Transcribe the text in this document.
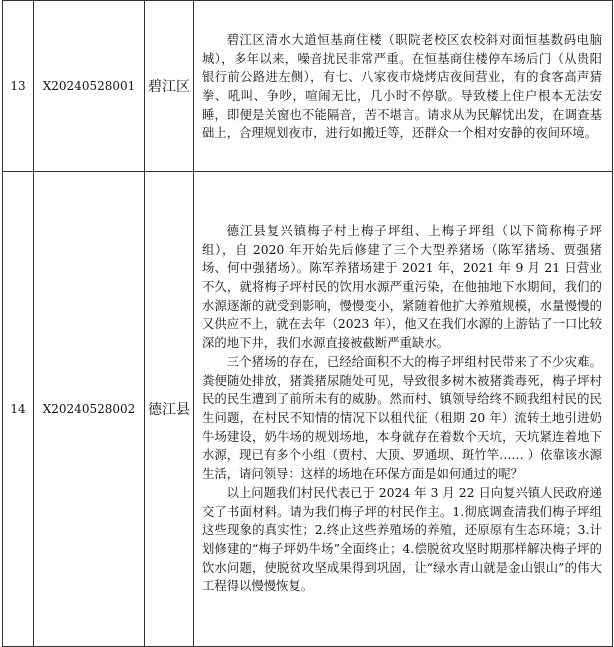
13	X20240528001	碧江区	碧江区清水大道恒基商住楼（职院老校区农校斜对面恒基数码电脑城），多年以来，噪音扰民非常严重。在恒基商住楼停车场后门（从贵阳银行前公路进左侧），有七、八家夜市烧烤店夜间营业，有的食客高声猜拳、吼叫、争吵，喧闹无比，几小时不停歇。导致楼上住户根本无法安睡，即便是关窗也不能隔音，苦不堪言。请求从为民解忧出发，在调查基础上，合理规划夜市，进行如搬迁等，还群众一个相对安静的夜间环境。

14	X20240528002	德江县	德江县复兴镇梅子村上梅子坪组、上梅子坪组（以下简称梅子坪组），自 2020 年开始先后修建了三个大型养猪场（陈军猪场、贾强猪场、何中强猪场）。陈军养猪场建于 2021 年，2021 年 9 月 21 日营业不久，就将梅子坪村民的饮用水源严重污染，在他抽地下水期间，我们的水源逐渐的就受到影响，慢慢变小，紧随着他扩大养殖规模，水量慢慢的又供应不上，就在去年（2023 年），他又在我们水源的上游钻了一口比较深的地下井，我们水源直接被截断严重缺水。

三个猪场的存在，已经给面积不大的梅子坪组村民带来了不少灾难。粪便随处排放，猪粪猪尿随处可见，导致很多树木被猪粪毒死，梅子坪村民的民生遭到了前所未有的威胁。然而村、镇领导给终不顾我组村民的民生问题，在村民不知情的情况下以租代征（租期 20 年）流转土地引进奶牛场建设，奶牛场的规划场地，本身就存在着数个天坑，天坑紧连着地下水源，现已有多个小组（贾村、大顶、罗通坝、斑竹竿…… ）依靠该水源生活，请问领导：这样的场地在环保方面是如何通过的呢？

以上问题我们村民代表已于 2024 年 3 月 22 日向复兴镇人民政府递交了书面材料。请为我们梅子坪的村民作主。1.彻底调查清我们梅子坪组这些现象的真实性；2.终止这些养殖场的养殖，还原原有生态环境；3.计划修建的“梅子坪奶牛场”全面终止；4.偿脱贫攻坚时期那样解决梅子坪的饮水问题，使脱贫攻坚成果得到巩固，让“绿水青山就是金山银山”的伟大工程得以慢慢恢复。
